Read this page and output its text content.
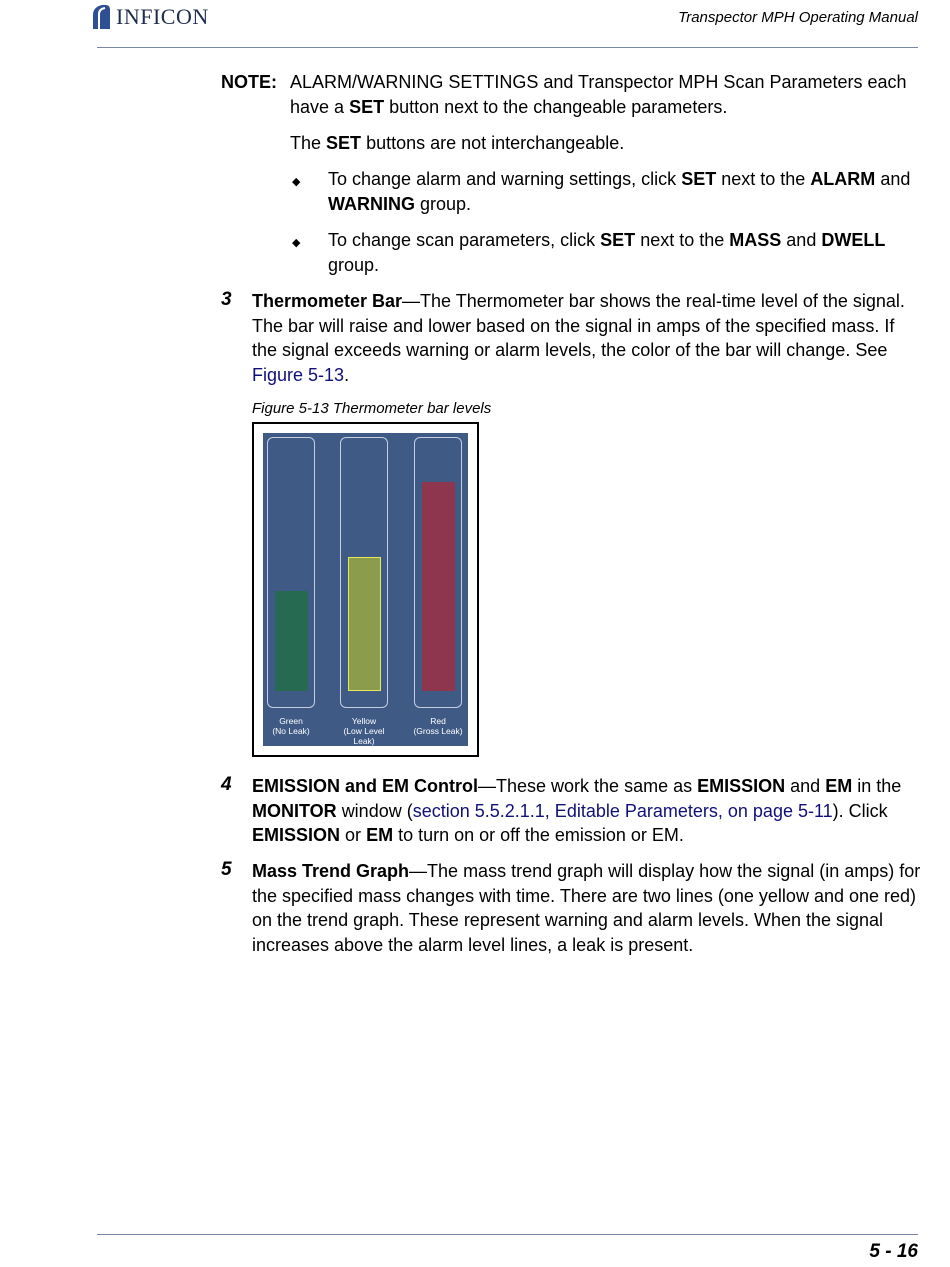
INFICON	Transpector MPH Operating Manual
NOTE: ALARM/WARNING SETTINGS and Transpector MPH Scan Parameters each have a SET button next to the changeable parameters.
The SET buttons are not interchangeable.
◆ To change alarm and warning settings, click SET next to the ALARM and WARNING group.
◆ To change scan parameters, click SET next to the MASS and DWELL group.
3 Thermometer Bar—The Thermometer bar shows the real-time level of the signal. The bar will raise and lower based on the signal in amps of the specified mass. If the signal exceeds warning or alarm levels, the color of the bar will change. See Figure 5-13.
Figure 5-13 Thermometer bar levels
Green
(No Leak)
Yellow
(Low Level
Leak)
Red
(Gross Leak)
4 EMISSION and EM Control—These work the same as EMISSION and EM in the MONITOR window (section 5.5.2.1.1, Editable Parameters, on page 5-11). Click EMISSION or EM to turn on or off the emission or EM.
5 Mass Trend Graph—The mass trend graph will display how the signal (in amps) for the specified mass changes with time. There are two lines (one yellow and one red) on the trend graph. These represent warning and alarm levels. When the signal increases above the alarm level lines, a leak is present.
5 - 16
